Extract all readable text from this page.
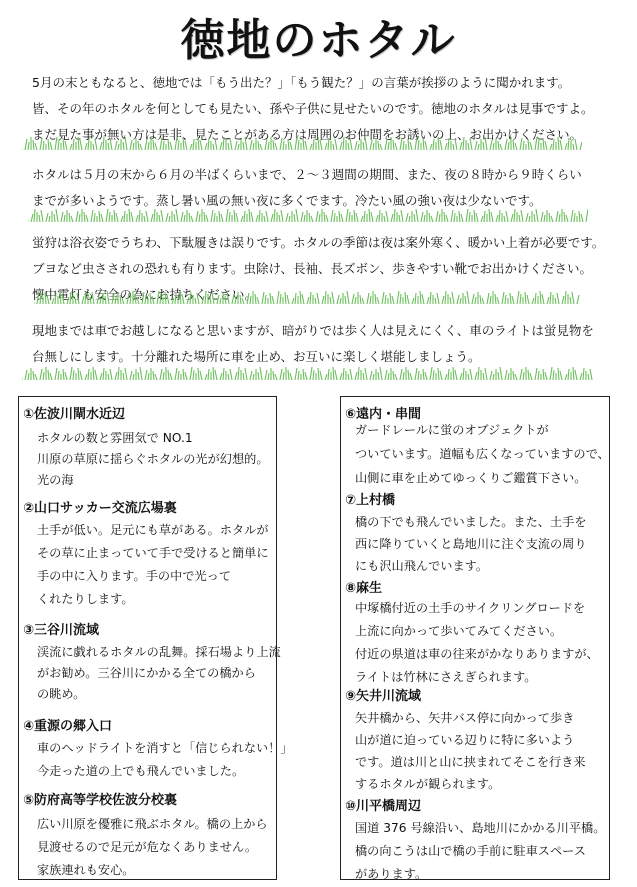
徳地のホタル
5月の末ともなると、徳地では「もう出た？」「もう観た？」の言葉が挨拶のように聞かれます。
皆、その年のホタルを何としても見たい、孫や子供に見せたいのです。徳地のホタルは見事ですよ。
まだ見た事が無い方は是非、見たことがある方は周囲のお仲間をお誘いの上、お出かけください。
ホタルは５月の末から６月の半ばくらいまで、２～３週間の期間、また、夜の８時から９時くらい
までが多いようです。蒸し暑い風の無い夜に多くでます。冷たい風の強い夜は少ないです。
蛍狩は浴衣姿でうちわ、下駄履きは誤りです。ホタルの季節は夜は案外寒く、暖かい上着が必要です。
ブヨなど虫さされの恐れも有ります。虫除け、長袖、長ズボン、歩きやすい靴でお出かけください。
懐中電灯も安全の為にお持ちください。
現地までは車でお越しになると思いますが、暗がりでは歩く人は見えにくく、車のライトは蛍見物を
台無しにします。十分離れた場所に車を止め、お互いに楽しく堪能しましょう。
①佐波川閘水近辺
ホタルの数と雰囲気で NO.1
川原の草原に揺らぐホタルの光が幻想的。
光の海
②山口サッカー交流広場裏
土手が低い。足元にも草がある。ホタルが
その草に止まっていて手で受けると簡単に
手の中に入ります。手の中で光って
くれたりします。
③三谷川流域
渓流に戯れるホタルの乱舞。採石場より上流
がお勧め。三谷川にかかる全ての橋から
の眺め。
④重源の郷入口
車のヘッドライトを消すと「信じられない！」
今走った道の上でも飛んでいました。
⑤防府高等学校佐波分校裏
広い川原を優雅に飛ぶホタル。橋の上から
見渡せるので足元が危なくありません。
家族連れも安心。
⑥遠内・串間
ガードレールに蛍のオブジェクトが
ついています。道幅も広くなっていますので、
山側に車を止めてゆっくりご鑑賞下さい。
⑦上村橋
橋の下でも飛んでいました。また、土手を
西に降りていくと島地川に注ぐ支流の周り
にも沢山飛んでいます。
⑧麻生
中塚橋付近の土手のサイクリングロードを
上流に向かって歩いてみてください。
付近の県道は車の往来がかなりありますが、
ライトは竹林にさえぎられます。
⑨矢井川流域
矢井橋から、矢井バス停に向かって歩き
山が道に迫っている辺りに特に多いよう
です。道は川と山に挟まれてそこを行き来
するホタルが観られます。
⑩川平橋周辺
国道 376 号線沿い、島地川にかかる川平橋。
橋の向こうは山で橋の手前に駐車スペース
があります。
